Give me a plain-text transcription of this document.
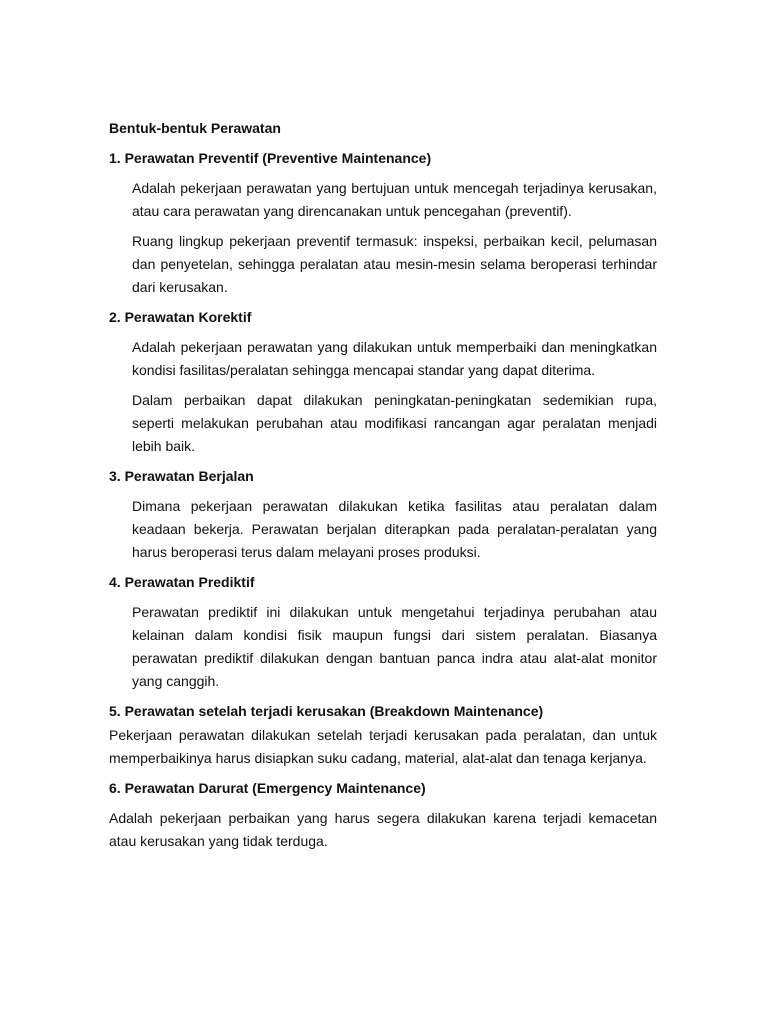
Bentuk-bentuk Perawatan
1. Perawatan Preventif (Preventive Maintenance)

Adalah pekerjaan perawatan yang bertujuan untuk mencegah terjadinya kerusakan, atau cara perawatan yang direncanakan untuk pencegahan (preventif).

Ruang lingkup pekerjaan preventif termasuk: inspeksi, perbaikan kecil, pelumasan dan penyetelan, sehingga peralatan atau mesin-mesin selama beroperasi terhindar dari kerusakan.

2. Perawatan Korektif

Adalah pekerjaan perawatan yang dilakukan untuk memperbaiki dan meningkatkan kondisi fasilitas/peralatan sehingga mencapai standar yang dapat diterima.

Dalam perbaikan dapat dilakukan peningkatan-peningkatan sedemikian rupa, seperti melakukan perubahan atau modifikasi rancangan agar peralatan menjadi lebih baik.

3. Perawatan Berjalan

Dimana pekerjaan perawatan dilakukan ketika fasilitas atau peralatan dalam keadaan bekerja. Perawatan berjalan diterapkan pada peralatan-peralatan yang harus beroperasi terus dalam melayani proses produksi.

4. Perawatan Prediktif

Perawatan prediktif ini dilakukan untuk mengetahui terjadinya perubahan atau kelainan dalam kondisi fisik maupun fungsi dari sistem peralatan. Biasanya perawatan prediktif dilakukan dengan bantuan panca indra atau alat-alat monitor yang canggih.

5. Perawatan setelah terjadi kerusakan (Breakdown Maintenance)

Pekerjaan perawatan dilakukan setelah terjadi kerusakan pada peralatan, dan untuk memperbaikinya harus disiapkan suku cadang, material, alat-alat dan tenaga kerjanya.

6. Perawatan Darurat (Emergency Maintenance)

Adalah pekerjaan perbaikan yang harus segera dilakukan karena terjadi kemacetan atau kerusakan yang tidak terduga.
